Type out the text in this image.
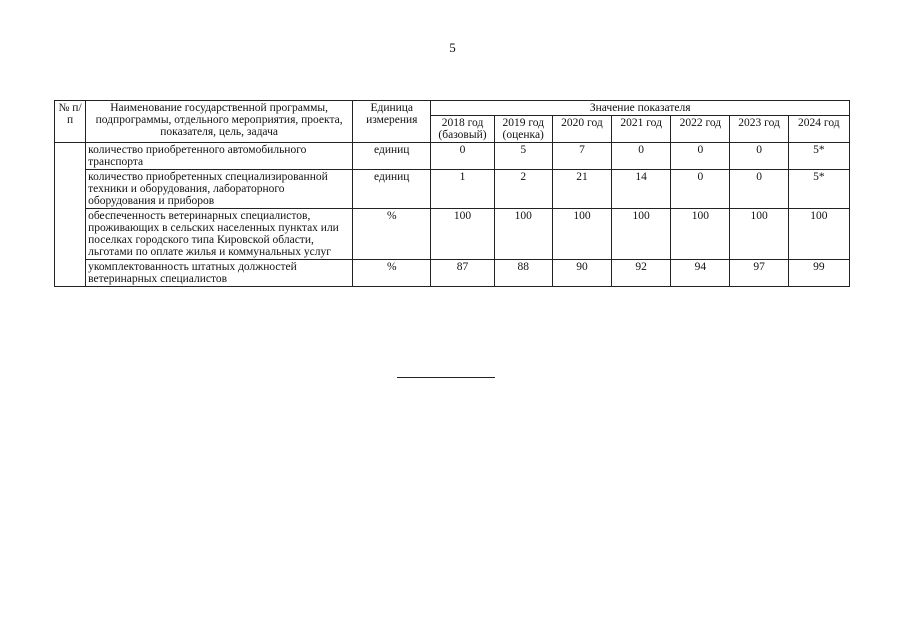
5
№ п/п	Наименование государственной программы, подпрограммы, отдельного мероприятия, проекта, показателя, цель, задача	Единица измерения	Значение показателя						
			2018 год (базовый)	2019 год (оценка)	2020 год	2021 год	2022 год	2023 год	2024 год
	количество приобретенного автомобильного транспорта	единиц	0	5	7	0	0	0	5*
	количество приобретенных специализированной техники и оборудования, лабораторного оборудования и приборов	единиц	1	2	21	14	0	0	5*
	обеспеченность ветеринарных специалистов, проживающих в сельских населенных пунктах или поселках городского типа Кировской области, льготами по оплате жилья и коммунальных услуг	%	100	100	100	100	100	100	100
	укомплектованность штатных должностей ветеринарных специалистов	%	87	88	90	92	94	97	99
